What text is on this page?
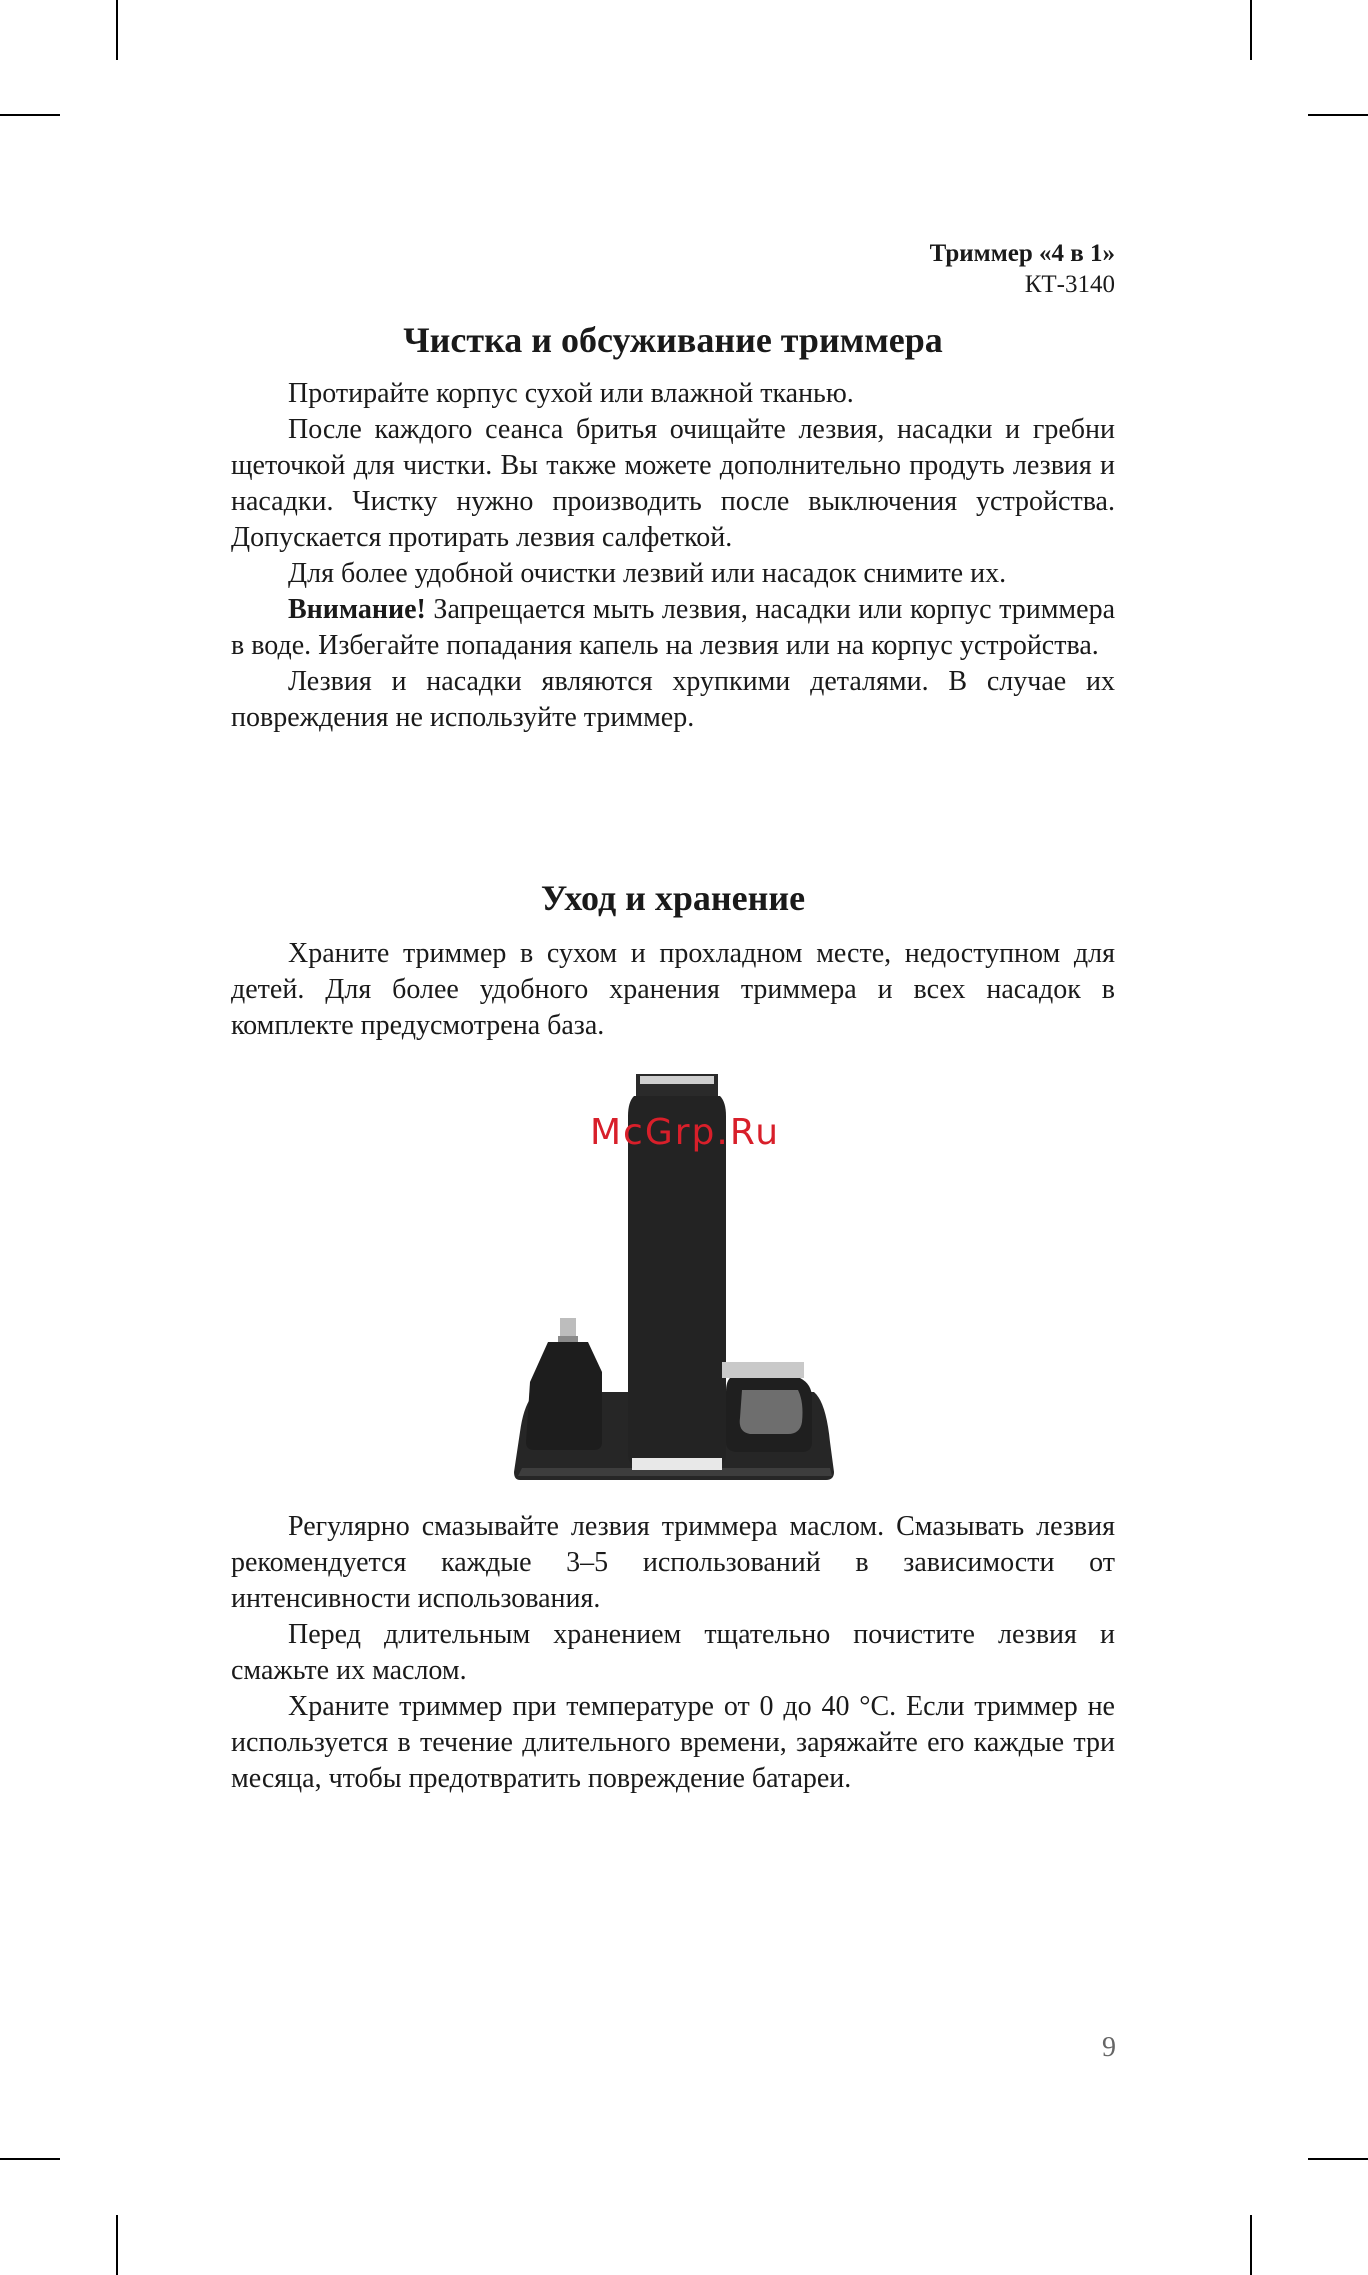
Триммер «4 в 1»
КТ-3140
Чистка и обсуживание триммера

Протирайте корпус сухой или влажной тканью.

После каждого сеанса бритья очищайте лезвия, насадки и гребни щеточкой для чистки. Вы также можете дополнительно продуть лезвия и насадки. Чистку нужно производить после выключения устройства. Допускается протирать лезвия салфеткой.

Для более удобной очистки лезвий или насадок снимите их.

Внимание! Запрещается мыть лезвия, насадки или корпус триммера в воде. Избегайте попадания капель на лезвия или на корпус устройства.

Лезвия и насадки являются хрупкими деталями. В случае их повреждения не используйте триммер.

Уход и хранение

Храните триммер в сухом и прохладном месте, недоступном для детей. Для более удобного хранения триммера и всех насадок в комплекте предусмотрена база.

McGrp.Ru

Регулярно смазывайте лезвия триммера маслом. Смазывать лезвия рекомендуется каждые 3–5 использований в зависимости от интенсивности использования.

Перед длительным хранением тщательно почистите лезвия и смажьте их маслом.

Храните триммер при температуре от 0 до 40 °C. Если триммер не используется в течение длительного времени, заряжайте его каждые три месяца, чтобы предотвратить повреждение батареи.

9
